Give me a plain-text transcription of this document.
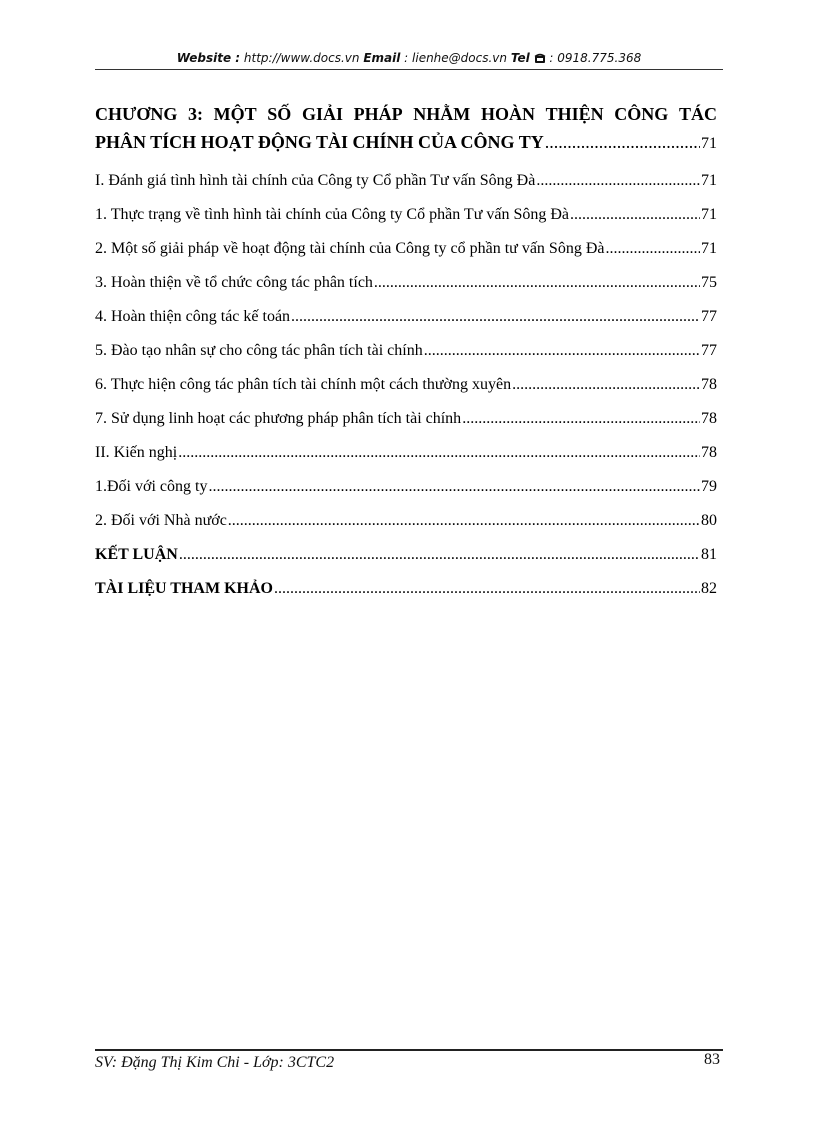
Website : http://www.docs.vn Email : lienhe@docs.vn Tel : 0918.775.368
CHƯƠNG 3: MỘT SỐ GIẢI PHÁP NHẰM HOÀN THIỆN CÔNG TÁC
PHÂN TÍCH HOẠT ĐỘNG TÀI CHÍNH CỦA CÔNG TY .....	71
I. Đánh giá tình hình tài chính của Công ty Cổ phần Tư vấn Sông Đà .....	71
1. Thực trạng về tình hình tài chính của Công ty Cổ phần Tư vấn Sông Đà .....	71
2. Một số giải pháp về hoạt động tài chính của Công ty cổ phần tư vấn Sông Đà .....	71
3. Hoàn thiện về tổ chức công tác phân tích .....	75
4. Hoàn thiện công tác kế toán .....	77
5. Đào tạo nhân sự cho công tác phân tích tài chính .....	77
6. Thực hiện công tác phân tích tài chính một cách thường xuyên .....	78
7. Sử dụng linh hoạt các phương pháp phân tích tài chính .....	78
II. Kiến nghị .....	78
1.Đối với công ty .....	79
2. Đối với Nhà nước .....	80
KẾT LUẬN .....	81
TÀI LIỆU THAM KHẢO .....	82
SV: Đặng Thị Kim Chi - Lớp: 3CTC2	83
